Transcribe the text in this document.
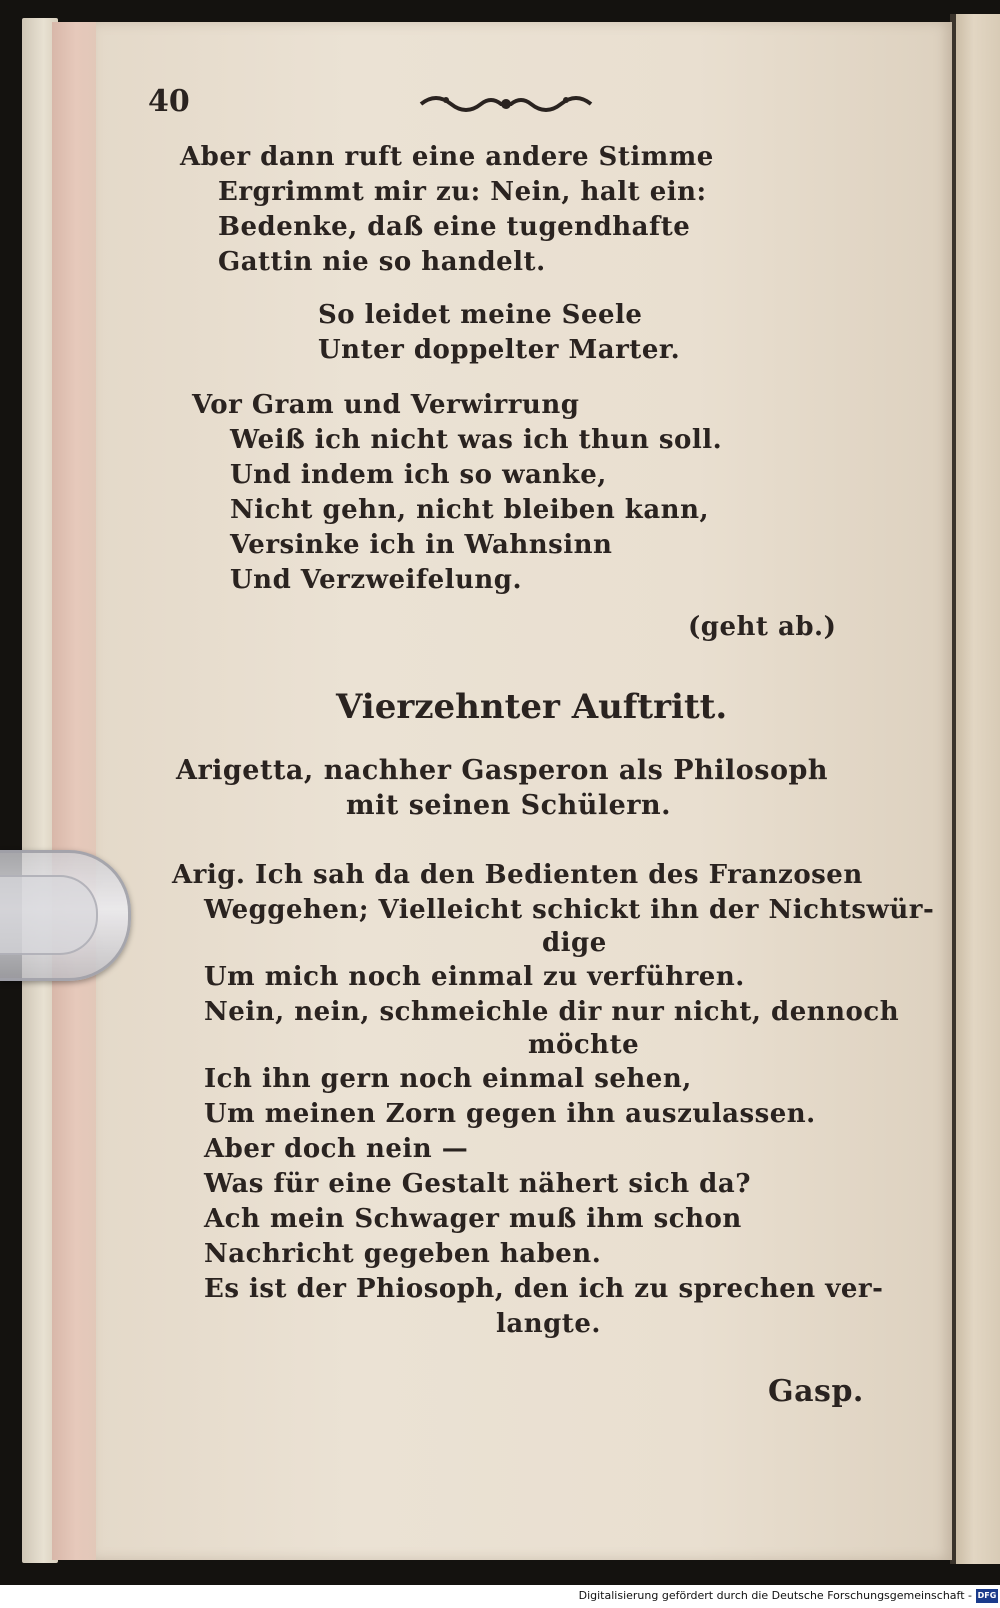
40
Aber dann ruft eine andere Stimme
Ergrimmt mir zu: Nein, halt ein:
Bedenke, daß eine tugendhafte
Gattin nie so handelt.
So leidet meine Seele
Unter doppelter Marter.
Vor Gram und Verwirrung
Weiß ich nicht was ich thun soll.
Und indem ich so wanke,
Nicht gehn, nicht bleiben kann,
Versinke ich in Wahnsinn
Und Verzweifelung.
(geht ab.)
Vierzehnter Auftritt.
Arigetta, nachher Gasperon als Philosoph
mit seinen Schülern.
Arig. Ich sah da den Bedienten des Franzosen
Weggehen; Vielleicht schickt ihn der Nichtswür-
dige
Um mich noch einmal zu verführen.
Nein, nein, schmeichle dir nur nicht, dennoch
möchte
Ich ihn gern noch einmal sehen,
Um meinen Zorn gegen ihn auszulassen.
Aber doch nein —
Was für eine Gestalt nähert sich da?
Ach mein Schwager muß ihm schon
Nachricht gegeben haben.
Es ist der Phiosoph, den ich zu sprechen ver-
langte.
Gasp.
Digitalisierung gefördert durch die Deutsche Forschungsgemeinschaft - DFG
